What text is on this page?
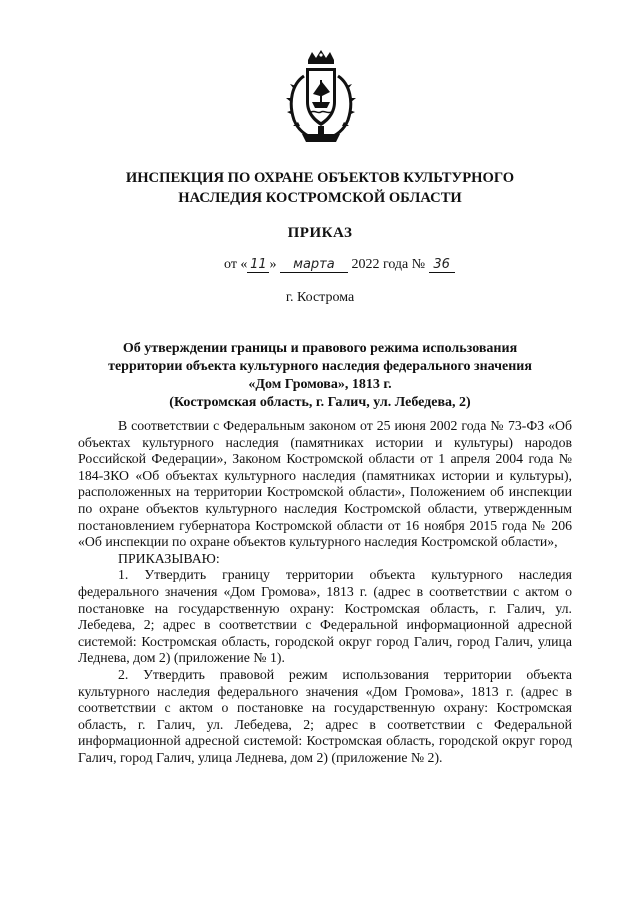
ИНСПЕКЦИЯ ПО ОХРАНЕ ОБЪЕКТОВ КУЛЬТУРНОГО
НАСЛЕДИЯ КОСТРОМСКОЙ ОБЛАСТИ
ПРИКАЗ
от « 11 » марта 2022 года № 36
г. Кострома
Об утверждении границы и правового режима использования
территории объекта культурного наследия федерального значения
«Дом Громова», 1813 г.
(Костромская область, г. Галич, ул. Лебедева, 2)

В соответствии с Федеральным законом от 25 июня 2002 года № 73-ФЗ «Об объектах культурного наследия (памятниках истории и культуры) народов Российской Федерации», Законом Костромской области от 1 апреля 2004 года № 184-ЗКО «Об объектах культурного наследия (памятниках истории и культуры), расположенных на территории Костромской области», Положением об инспекции по охране объектов культурного наследия Костромской области, утвержденным постановлением губернатора Костромской области от 16 ноября 2015 года № 206 «Об инспекции по охране объектов культурного наследия Костромской области»,

ПРИКАЗЫВАЮ:

1. Утвердить границу территории объекта культурного наследия федерального значения «Дом Громова», 1813 г. (адрес в соответствии с актом о постановке на государственную охрану: Костромская область, г. Галич, ул. Лебедева, 2; адрес в соответствии с Федеральной информационной адресной системой: Костромская область, городской округ город Галич, город Галич, улица Леднева, дом 2) (приложение № 1).

2. Утвердить правовой режим использования территории объекта культурного наследия федерального значения «Дом Громова», 1813 г. (адрес в соответствии с актом о постановке на государственную охрану: Костромская область, г. Галич, ул. Лебедева, 2; адрес в соответствии с Федеральной информационной адресной системой: Костромская область, городской округ город Галич, город Галич, улица Леднева, дом 2) (приложение № 2).
